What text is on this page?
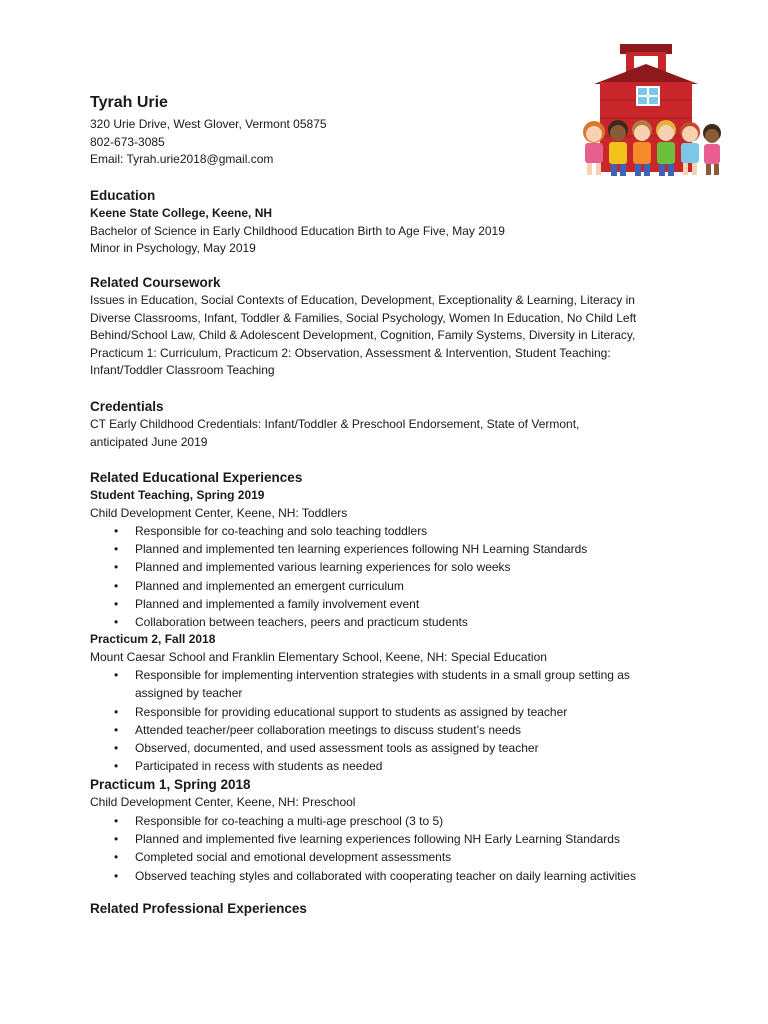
Tyrah Urie
320 Urie Drive, West Glover, Vermont 05875
802-673-3085
Email: Tyrah.urie2018@gmail.com
Education
Keene State College, Keene, NH
Bachelor of Science in Early Childhood Education Birth to Age Five, May 2019
Minor in Psychology, May 2019
Related Coursework
Issues in Education, Social Contexts of Education, Development, Exceptionality & Learning, Literacy in
Diverse Classrooms, Infant, Toddler & Families, Social Psychology, Women In Education, No Child Left
Behind/School Law, Child & Adolescent Development, Cognition, Family Systems, Diversity in Literacy,
Practicum 1: Curriculum, Practicum 2: Observation, Assessment & Intervention, Student Teaching:
Infant/Toddler Classroom Teaching
Credentials
CT Early Childhood Credentials: Infant/Toddler & Preschool Endorsement, State of Vermont,
anticipated June 2019
Related Educational Experiences
Student Teaching, Spring 2019
Child Development Center, Keene, NH: Toddlers
• Responsible for co-teaching and solo teaching toddlers
• Planned and implemented ten learning experiences following NH Learning Standards
• Planned and implemented various learning experiences for solo weeks
• Planned and implemented an emergent curriculum
• Planned and implemented a family involvement event
• Collaboration between teachers, peers and practicum students
Practicum 2, Fall 2018
Mount Caesar School and Franklin Elementary School, Keene, NH: Special Education
• Responsible for implementing intervention strategies with students in a small group setting as assigned by teacher
• Responsible for providing educational support to students as assigned by teacher
• Attended teacher/peer collaboration meetings to discuss student’s needs
• Observed, documented, and used assessment tools as assigned by teacher
• Participated in recess with students as needed
Practicum 1, Spring 2018
Child Development Center, Keene, NH: Preschool
• Responsible for co-teaching a multi-age preschool (3 to 5)
• Planned and implemented five learning experiences following NH Early Learning Standards
• Completed social and emotional development assessments
• Observed teaching styles and collaborated with cooperating teacher on daily learning activities
Related Professional Experiences
